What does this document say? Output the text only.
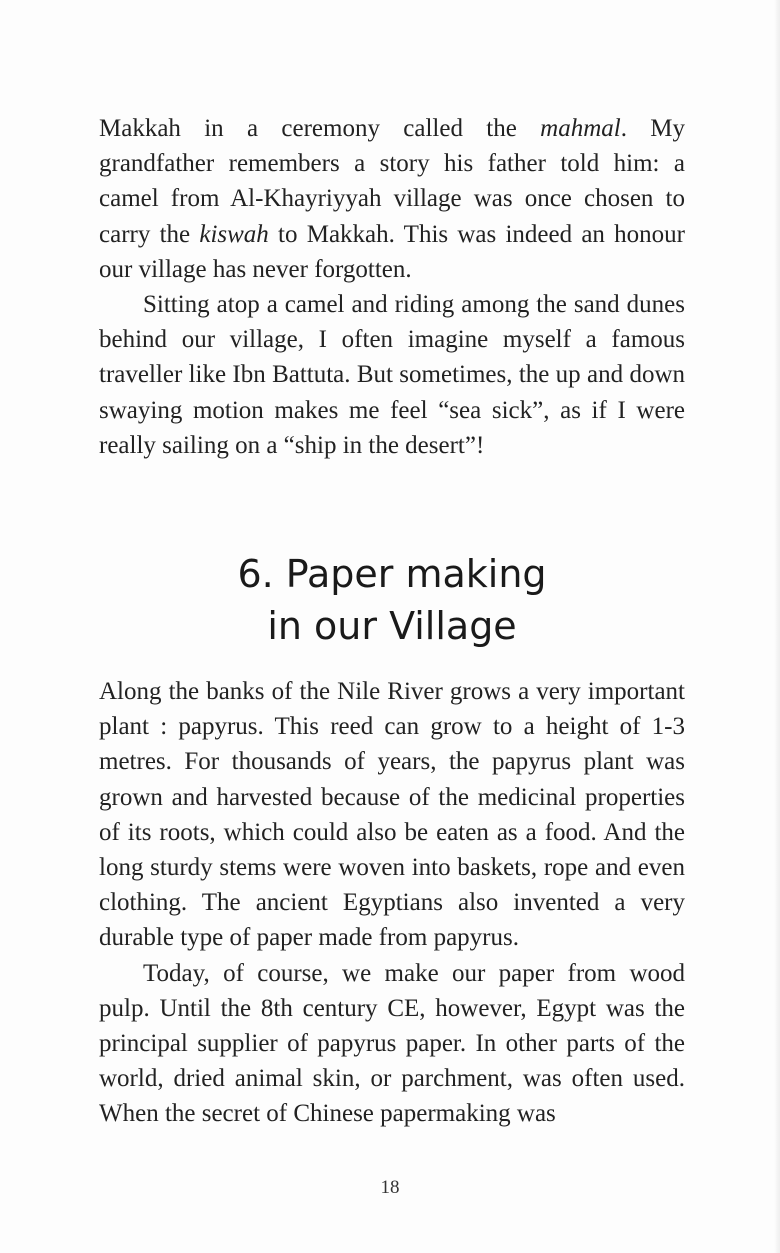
Makkah in a ceremony called the mahmal. My grandfather remembers a story his father told him: a camel from Al-Khayriyyah village was once chosen to carry the kiswah to Makkah. This was indeed an honour our village has never forgotten.

Sitting atop a camel and riding among the sand dunes behind our village, I often imagine myself a famous traveller like Ibn Battuta. But sometimes, the up and down swaying motion makes me feel “sea sick”, as if I were really sailing on a “ship in the desert”!

6. Paper making
in our Village

Along the banks of the Nile River grows a very important plant : papyrus. This reed can grow to a height of 1-3 metres. For thousands of years, the papyrus plant was grown and harvested because of the medicinal properties of its roots, which could also be eaten as a food. And the long sturdy stems were woven into baskets, rope and even clothing. The ancient Egyptians also invented a very durable type of paper made from papyrus.

Today, of course, we make our paper from wood pulp. Until the 8th century CE, however, Egypt was the principal supplier of papyrus paper. In other parts of the world, dried animal skin, or parchment, was often used. When the secret of Chinese papermaking was

18
